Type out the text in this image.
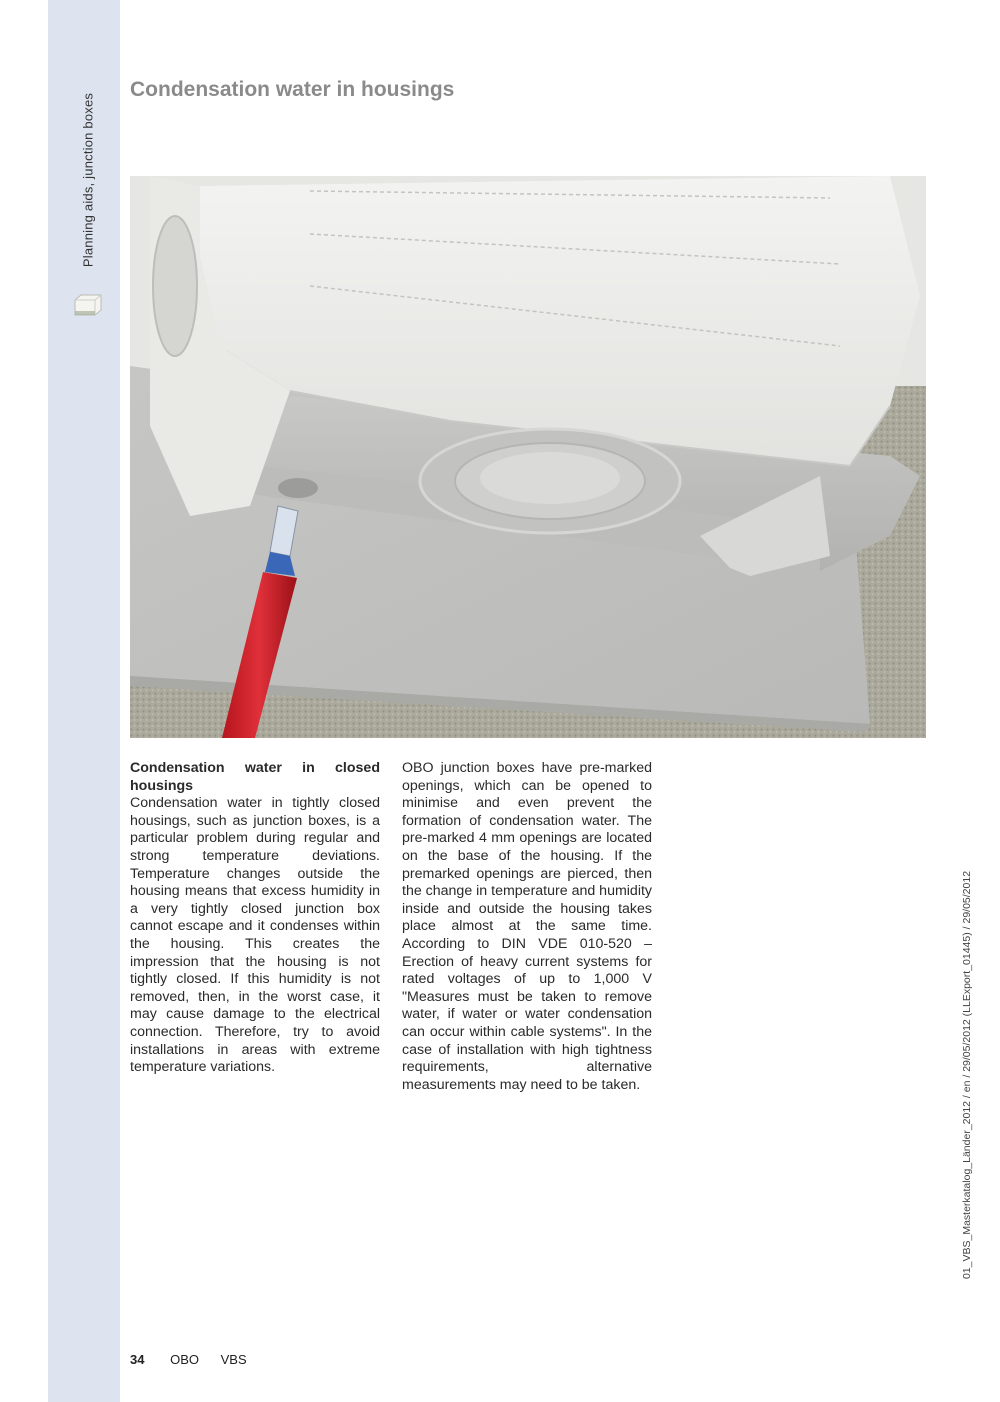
Planning aids, junction boxes
Condensation water in housings
Condensation water in closed housings

Condensation water in tightly closed housings, such as junction boxes, is a particular problem during regular and strong temperature deviations. Temperature changes outside the housing means that excess humidity in a very tightly closed junction box cannot escape and it condenses within the housing. This creates the impression that the housing is not tightly closed. If this humidity is not removed, then, in the worst case, it may cause damage to the electrical connection. Therefore, try to avoid installations in areas with extreme temperature variations.

OBO junction boxes have pre-marked openings, which can be opened to minimise and even prevent the formation of condensation water. The pre-marked 4 mm openings are located on the base of the housing. If the premarked openings are pierced, then the change in temperature and humidity inside and outside the housing takes place almost at the same time. According to DIN VDE 010-520 – Erection of heavy current systems for rated voltages of up to 1,000 V "Measures must be taken to remove water, if water or water condensation can occur within cable systems". In the case of installation with high tightness requirements, alternative measurements may need to be taken.

34 OBO VBS
01_VBS_Masterkatalog_Länder_2012 / en / 29/05/2012 (LLExport_01445) / 29/05/2012
